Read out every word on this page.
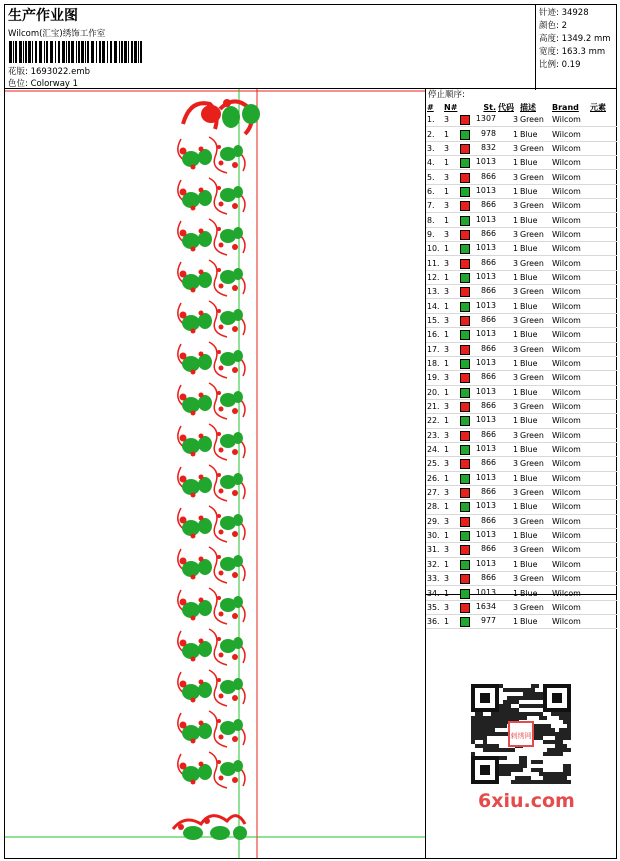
生产作业图
Wilcom(汇宝)绣饰工作室
花版: 1693022.emb
色位: Colorway 1
针迹: 34928
颜色: 2
高度: 1349.2 mm
宽度: 163.3 mm
比例: 0.19
停止顺序:
#	N#	St.	代码	描述	Brand	元素
1.	3	1307	3	Green	Wilcom	
2.	1	978	1	Blue	Wilcom	
3.	3	832	3	Green	Wilcom	
4.	1	1013	1	Blue	Wilcom	
5.	3	866	3	Green	Wilcom	
6.	1	1013	1	Blue	Wilcom	
7.	3	866	3	Green	Wilcom	
8.	1	1013	1	Blue	Wilcom	
9.	3	866	3	Green	Wilcom	
10.	1	1013	1	Blue	Wilcom	
11.	3	866	3	Green	Wilcom	
12.	1	1013	1	Blue	Wilcom	
13.	3	866	3	Green	Wilcom	
14.	1	1013	1	Blue	Wilcom	
15.	3	866	3	Green	Wilcom	
16.	1	1013	1	Blue	Wilcom	
17.	3	866	3	Green	Wilcom	
18.	1	1013	1	Blue	Wilcom	
19.	3	866	3	Green	Wilcom	
20.	1	1013	1	Blue	Wilcom	
21.	3	866	3	Green	Wilcom	
22.	1	1013	1	Blue	Wilcom	
23.	3	866	3	Green	Wilcom	
24.	1	1013	1	Blue	Wilcom	
25.	3	866	3	Green	Wilcom	
26.	1	1013	1	Blue	Wilcom	
27.	3	866	3	Green	Wilcom	
28.	1	1013	1	Blue	Wilcom	
29.	3	866	3	Green	Wilcom	
30.	1	1013	1	Blue	Wilcom	
31.	3	866	3	Green	Wilcom	
32.	1	1013	1	Blue	Wilcom	
33.	3	866	3	Green	Wilcom	
34.	1	1013	1	Blue	Wilcom	
35.	3	1634	3	Green	Wilcom	
36.	1	977	1	Blue	Wilcom	
刺绣网
6xiu.com
